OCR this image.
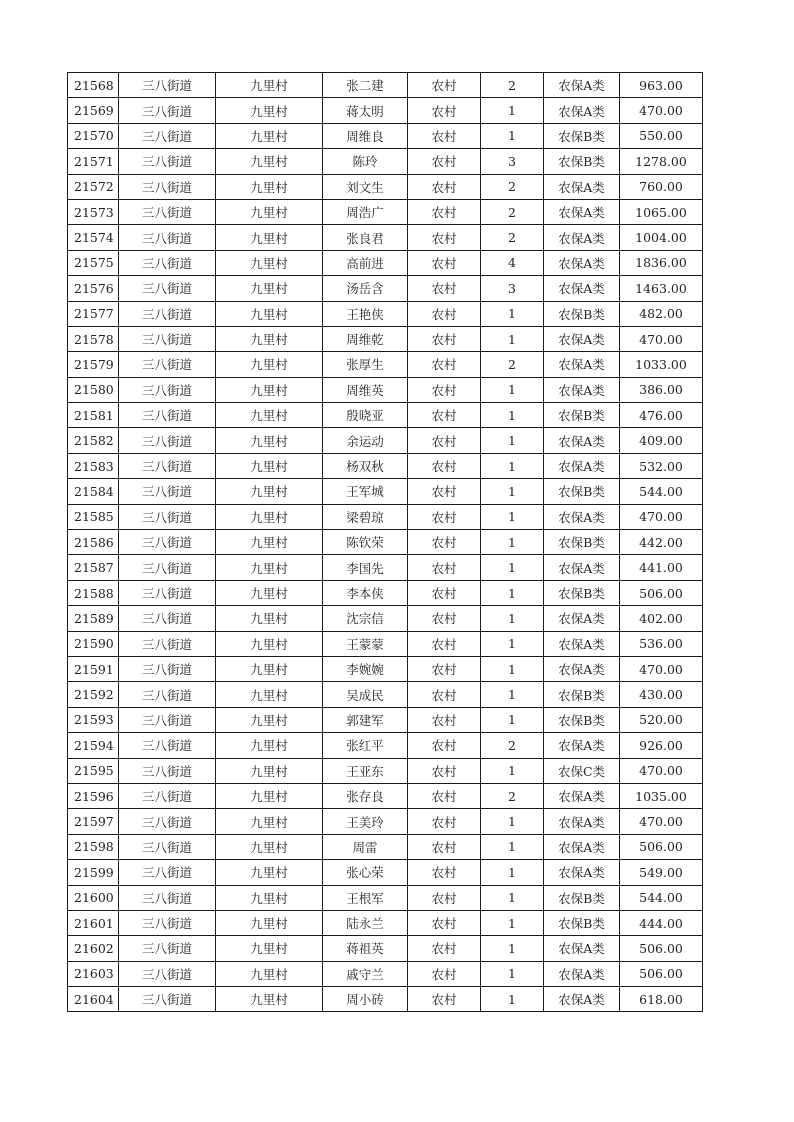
21568	三八街道	九里村	张二建	农村	2	农保A类	963.00
21569	三八街道	九里村	蒋太明	农村	1	农保A类	470.00
21570	三八街道	九里村	周维良	农村	1	农保B类	550.00
21571	三八街道	九里村	陈玲	农村	3	农保B类	1278.00
21572	三八街道	九里村	刘文生	农村	2	农保A类	760.00
21573	三八街道	九里村	周浩广	农村	2	农保A类	1065.00
21574	三八街道	九里村	张良君	农村	2	农保A类	1004.00
21575	三八街道	九里村	高前进	农村	4	农保A类	1836.00
21576	三八街道	九里村	汤岳含	农村	3	农保A类	1463.00
21577	三八街道	九里村	王艳侠	农村	1	农保B类	482.00
21578	三八街道	九里村	周维乾	农村	1	农保A类	470.00
21579	三八街道	九里村	张厚生	农村	2	农保A类	1033.00
21580	三八街道	九里村	周维英	农村	1	农保A类	386.00
21581	三八街道	九里村	殷晓亚	农村	1	农保B类	476.00
21582	三八街道	九里村	余运动	农村	1	农保A类	409.00
21583	三八街道	九里村	杨双秋	农村	1	农保A类	532.00
21584	三八街道	九里村	王军城	农村	1	农保B类	544.00
21585	三八街道	九里村	梁碧琼	农村	1	农保A类	470.00
21586	三八街道	九里村	陈钦荣	农村	1	农保B类	442.00
21587	三八街道	九里村	李国先	农村	1	农保A类	441.00
21588	三八街道	九里村	李本侠	农村	1	农保B类	506.00
21589	三八街道	九里村	沈宗信	农村	1	农保A类	402.00
21590	三八街道	九里村	王蒙蒙	农村	1	农保A类	536.00
21591	三八街道	九里村	李婉婉	农村	1	农保A类	470.00
21592	三八街道	九里村	吴成民	农村	1	农保B类	430.00
21593	三八街道	九里村	郭建军	农村	1	农保B类	520.00
21594	三八街道	九里村	张红平	农村	2	农保A类	926.00
21595	三八街道	九里村	王亚东	农村	1	农保C类	470.00
21596	三八街道	九里村	张存良	农村	2	农保A类	1035.00
21597	三八街道	九里村	王美玲	农村	1	农保A类	470.00
21598	三八街道	九里村	周雷	农村	1	农保A类	506.00
21599	三八街道	九里村	张心荣	农村	1	农保A类	549.00
21600	三八街道	九里村	王根军	农村	1	农保B类	544.00
21601	三八街道	九里村	陆永兰	农村	1	农保B类	444.00
21602	三八街道	九里村	蒋祖英	农村	1	农保A类	506.00
21603	三八街道	九里村	戚守兰	农村	1	农保A类	506.00
21604	三八街道	九里村	周小砖	农村	1	农保A类	618.00
